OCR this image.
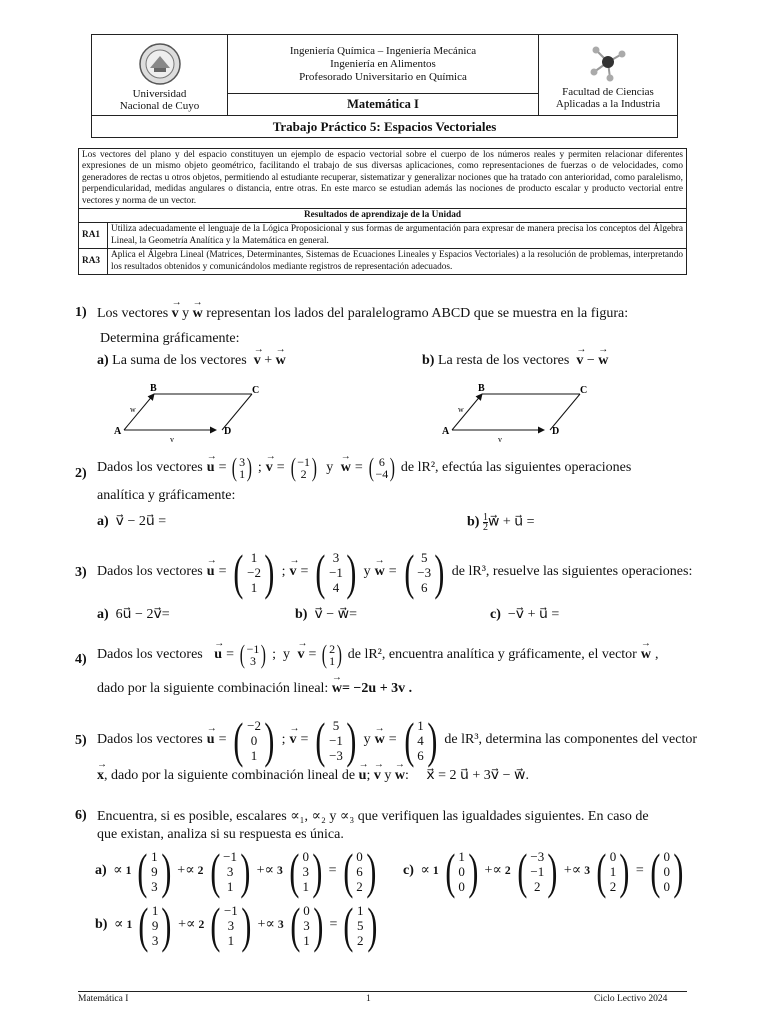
Universidad
Nacional de Cuyo

Ingeniería Química – Ingeniería Mecánica
Ingeniería en Alimentos
Profesorado Universitario en Química

Facultad de Ciencias
Aplicadas a la Industria

Matemática I
Trabajo Práctico 5: Espacios Vectoriales
Los vectores del plano y del espacio constituyen un ejemplo de espacio vectorial sobre el cuerpo de los números reales y permiten relacionar diferentes expresiones de un mismo objeto geométrico, facilitando el trabajo de sus diversas aplicaciones, como representaciones de fuerzas o de velocidades, como generadores de rectas u otros objetos, permitiendo al estudiante recuperar, sistematizar y generalizar nociones que ha tratado con anterioridad, como paralelismo, perpendicularidad, medidas angulares o distancia, entre otras. En este marco se estudian además las nociones de producto escalar y producto vectorial entre vectores y norma de un vector.	
Resultados de aprendizaje de la Unidad	
RA1	Utiliza adecuadamente el lenguaje de la Lógica Proposicional y sus formas de argumentación para expresar de manera precisa los conceptos del Álgebra Lineal, la Geometría Analítica y la Matemática en general.
RA3	Aplica el Álgebra Lineal (Matrices, Determinantes, Sistemas de Ecuaciones Lineales y Espacios Vectoriales) a la resolución de problemas, interpretando los resultados obtenidos y comunicándolos mediante registros de representación adecuados.
1) Los vectores → v y → w representan los lados del paralelogramo ABCD que se muestra en la figura:
Determina gráficamente:
a) La suma de los vectores → v + → w	b) La resta de los vectores → v − → w
A
B	C
D
w
v
A
B	C
D
w
v
2) Dados los vectores → u = ( 3
1 ) ; → v = ( −1
2 ) y → w = ( 6
−4 ) de lR², efectúa las siguientes operaciones
analítica y gráficamente:
a) v⃗ − 2u⃗ =	$b) \frac{1}{2}$ w⃗ + u⃗ =
3) Dados los vectores → u = ( 1
−2
1 ) ; → v = ( 3
−1
4 ) y → w = ( 5
−3
6 ) de lR³, resuelve las siguientes operaciones:
a) 6u⃗ − 2v⃗=	b) v⃗ − w⃗=	c) −v⃗ + u⃗ =
4) Dados los vectores
→ u = ( −1
3 ) ;  y → v = ( 2
1 ) de lR², encuentra analítica y gráficamente, el vector → w ,
dado por la siguiente combinación lineal: → w= −2u + 3v .
5) Dados los vectores → u = ( −2
0
1 ) ; → v = ( 5
−1
−3 ) y → w = ( 1
4
6 ) de lR³, determina las componentes del vector
→ x, dado por la siguiente combinación lineal de → u; → v y → w:     x⃗ = 2 u⃗ + 3v⃗ − w⃗.
6) Encuentra, si es posible, escalares ∝₁, ∝₂ y ∝₃ que verifiquen las igualdades siguientes. En caso de
que existan, analiza si su respuesta es única.
a) ∝ 1 ( 1
9
3 ) +∝ 2 ( −1
3
1 ) +∝ 3 ( 0
3
1 ) = ( 0
6
2 ) c) ∝ 1 ( 1
0
0 ) +∝ 2 ( −3
−1
2 ) +∝ 3 ( 0
1
2 ) = ( 0
0
0 )
b) ∝ 1 ( 1
9
3 ) +∝ 2 ( −1
3
1 ) +∝ 3 ( 0
3
1 ) = ( 1
5
2 )
Matemática I	1	Ciclo Lectivo 2024
